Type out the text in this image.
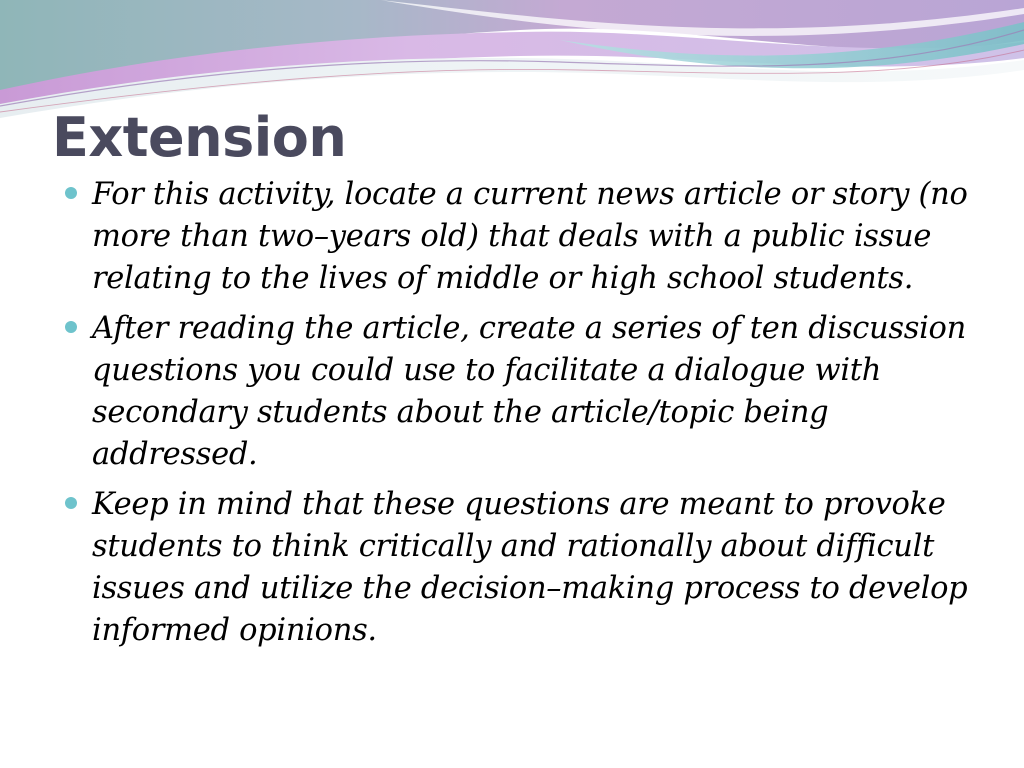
Extension
For this activity, locate a current news article or story (no more than two–years old) that deals with a public issue relating to the lives of middle or high school students.
After reading the article, create a series of ten discussion questions you could use to facilitate a dialogue with secondary students about the article/topic being addressed.
Keep in mind that these questions are meant to provoke students to think critically and rationally about difficult issues and utilize the decision–making process to develop informed opinions.
